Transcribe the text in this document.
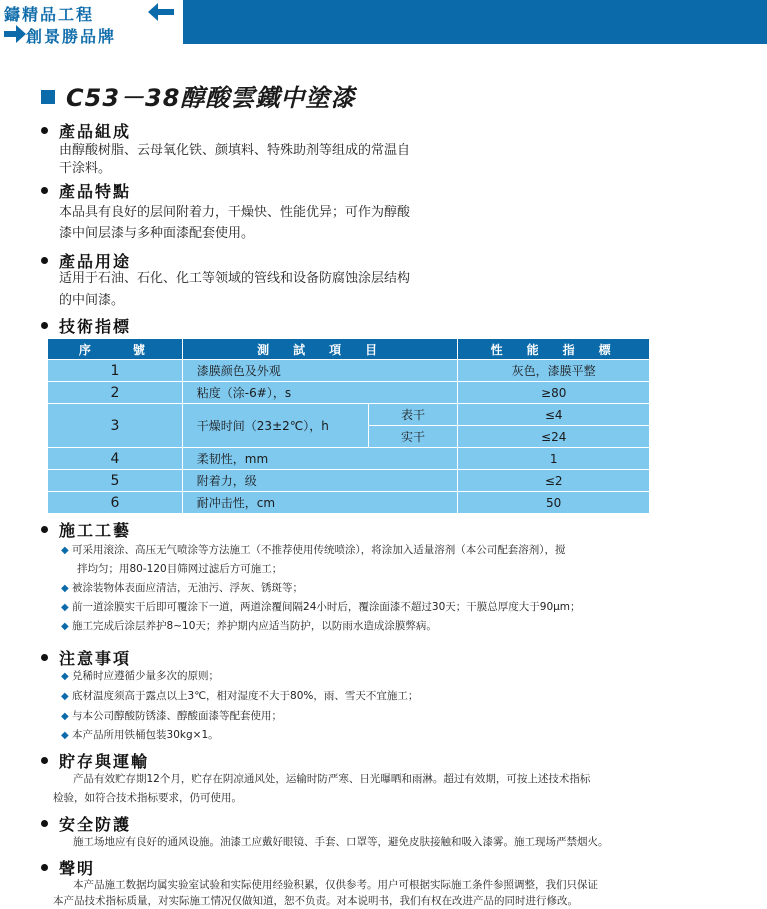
鑄精品工程
創景勝品牌
C53－38醇酸雲鐵中塗漆
產品組成
由醇酸树脂、云母氧化铁、颜填料、特殊助剂等组成的常温自
干涂料。
產品特點
本品具有良好的层间附着力，干燥快、性能优异；可作为醇酸
漆中间层漆与多种面漆配套使用。
產品用途
适用于石油、石化、化工等领域的管线和设备防腐蚀涂层结构
的中间漆。
技術指標
序　　號	測　試　項　目		性　能　指　標
1	漆膜颜色及外观		灰色，漆膜平整
2	粘度（涂-6#），s		≥80
3	干燥时间（23±2℃），h	表干	≤4
		实干	≤24
4	柔韧性，mm		1
5	附着力，级		≤2
6	耐冲击性，cm		50
施工工藝
◆ 可采用滚涂、高压无气喷涂等方法施工（不推荐使用传统喷涂），将涂加入适量溶剂（本公司配套溶剂），搅
拌均匀；用80-120目筛网过滤后方可施工；
◆ 被涂装物体表面应清洁，无油污、浮灰、锈斑等；
◆ 前一道涂膜实干后即可覆涂下一道，两道涂覆间隔24小时后，覆涂面漆不超过30天；干膜总厚度大于90μm；
◆ 施工完成后涂层养护8~10天；养护期内应适当防护，以防雨水造成涂膜弊病。
注意事項
◆ 兑稀时应遵循少量多次的原则；
◆ 底材温度须高于露点以上3℃，相对湿度不大于80%，雨、雪天不宜施工；
◆ 与本公司醇酸防锈漆、醇酸面漆等配套使用；
◆ 本产品所用铁桶包装30kg×1。
貯存與運輸
产品有效贮存期12个月，贮存在阴凉通风处，运输时防严寒、日光曝晒和雨淋。超过有效期，可按上述技术指标
检验，如符合技术指标要求，仍可使用。
安全防護
施工场地应有良好的通风设施。油漆工应戴好眼镜、手套、口罩等，避免皮肤接触和吸入漆雾。施工现场严禁烟火。
聲明
本产品施工数据均属实验室试验和实际使用经验积累，仅供参考。用户可根据实际施工条件参照调整，我们只保证
本产品技术指标质量，对实际施工情况仅做知道，恕不负责。对本说明书，我们有权在改进产品的同时进行修改。
